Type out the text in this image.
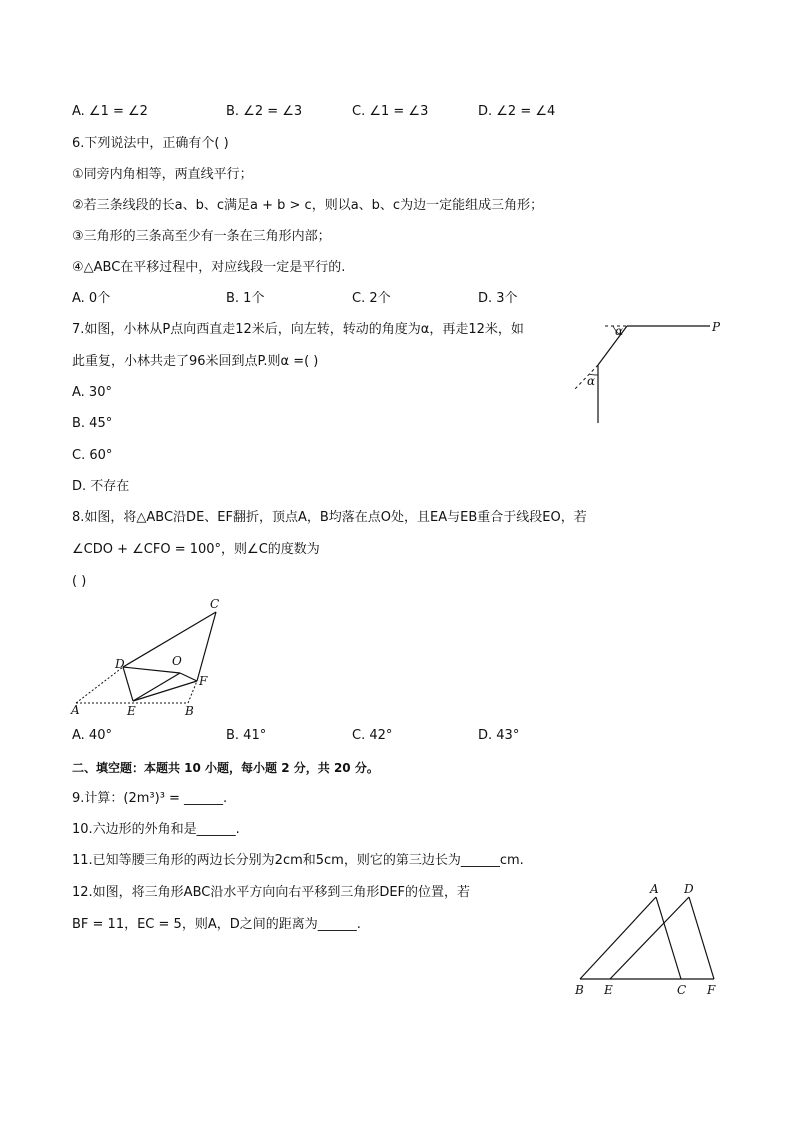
A. ∠1 = ∠2	B. ∠2 = ∠3	C. ∠1 = ∠3	D. ∠2 = ∠4
6.下列说法中，正确有个( )
①同旁内角相等，两直线平行；
②若三条线段的长a、b、c满足a + b > c，则以a、b、c为边一定能组成三角形；
③三角形的三条高至少有一条在三角形内部；
④△ABC在平移过程中，对应线段一定是平行的.
A. 0个	B. 1个	C. 2个	D. 3个
7.如图，小林从P点向西直走12米后，向左转，转动的角度为α，再走12米，如
此重复，小林共走了96米回到点P.则α =( )
A. 30°
B. 45°
C. 60°
D. 不存在
α
α
P
8.如图，将△ABC沿DE、EF翻折，顶点A，B均落在点O处，且EA与EB重合于线段EO，若
∠CDO + ∠CFO = 100°，则∠C的度数为
( )
C
D	O
F
A	E	B
A. 40°	B. 41°	C. 42°	D. 43°
二、填空题：本题共 10 小题，每小题 2 分，共 20 分。
9.计算：(2m³)³ = ______.
10.六边形的外角和是______.
11.已知等腰三角形的两边长分别为2cm和5cm，则它的第三边长为______cm.
12.如图，将三角形ABC沿水平方向向右平移到三角形DEF的位置，若
BF = 11，EC = 5，则A，D之间的距离为______.
A D
B E	C F
